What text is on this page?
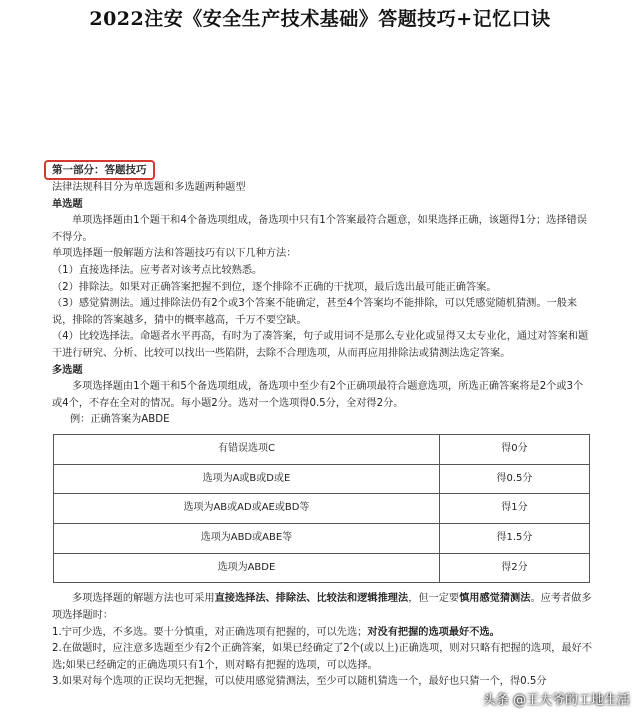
2022注安《安全生产技术基础》答题技巧+记忆口诀
第一部分：答题技巧

法律法规科目分为单选题和多选题两种题型

单选题

单项选择题由1个题干和4个备选项组成，备选项中只有1个答案最符合题意，如果选择正确，该题得1分；选择错误不得分。

单项选择题一般解题方法和答题技巧有以下几种方法：

（1）直接选择法。应考者对该考点比较熟悉。

（2）排除法。如果对正确答案把握不到位，逐个排除不正确的干扰项，最后选出最可能正确答案。

（3）感觉猜测法。通过排除法仍有2个或3个答案不能确定，甚至4个答案均不能排除，可以凭感觉随机猜测。一般来说，排除的答案越多，猜中的概率越高，千万不要空缺。

（4）比较选择法。命题者水平再高，有时为了凑答案，句子或用词不是那么专业化或显得又太专业化，通过对答案和题干进行研究、分析、比较可以找出一些陷阱，去除不合理选项，从而再应用排除法或猜测法选定答案。

多选题

多项选择题由1个题干和5个备选项组成，备选项中至少有2个正确项最符合题意选项，所选正确答案将是2个或3个或4个，不存在全对的情况。每小题2分。选对一个选项得0.5分，全对得2分。

例：正确答案为ABDE

有错误选项C	得0分
选项为A或B或D或E	得0.5分
选项为AB或AD或AE或BD等	得1分
选项为ABD或ABE等	得1.5分
选项为ABDE	得2分

多项选择题的解题方法也可采用直接选择法、排除法、比较法和逻辑推理法，但一定要慎用感觉猜测法。应考者做多项选择题时：

1.宁可少选，不多选。要十分慎重，对正确选项有把握的，可以先选；对没有把握的选项最好不选。

2.在做题时，应注意多选题至少有2个正确答案，如果已经确定了2个(或以上)正确选项，则对只略有把握的选项，最好不选;如果已经确定的正确选项只有1个，则对略有把握的选项，可以选择。

3.如果对每个选项的正误均无把握，可以使用感觉猜测法，至少可以随机猜选一个，最好也只猜一个，得0.5分

头条 @王大爷的工地生活
